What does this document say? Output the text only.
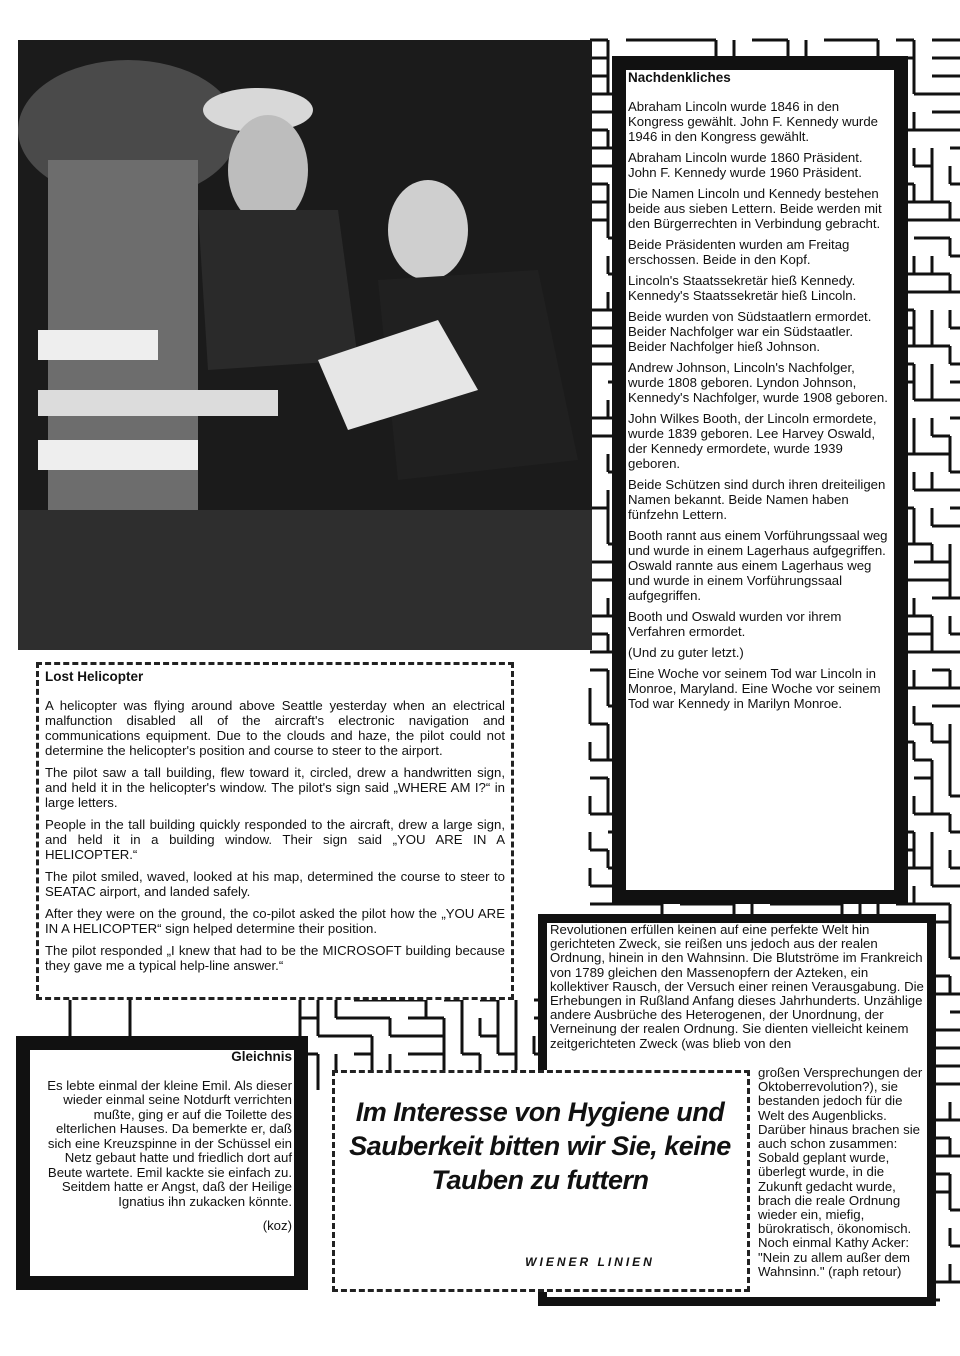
Lost Helicopter

A helicopter was flying around above Seattle yesterday when an electrical malfunction disabled all of the aircraft's electronic navigation and communications equipment. Due to the clouds and haze, the pilot could not determine the helicopter's position and course to steer to the airport.

The pilot saw a tall building, flew toward it, circled, drew a handwritten sign, and held it in the helicopter's window. The pilot's sign said „WHERE AM I?“ in large letters.

People in the tall building quickly responded to the aircraft, drew a large sign, and held it in a building window. Their sign said „YOU ARE IN A HELICOPTER.“

The pilot smiled, waved, looked at his map, determined the course to steer to SEATAC airport, and landed safely.

After they were on the ground, the co-pilot asked the pilot how the „YOU ARE IN A HELICOPTER“ sign helped determine their position.

The pilot responded „I knew that had to be the MICROSOFT building because they gave me a typical help-line answer.“

Nachdenkliches

Abraham Lincoln wurde 1846 in den Kongress gewählt. John F. Kennedy wurde 1946 in den Kongress gewählt.

Abraham Lincoln wurde 1860 Präsident. John F. Kennedy wurde 1960 Präsident.

Die Namen Lincoln und Kennedy bestehen beide aus sieben Lettern. Beide werden mit den Bürgerrechten in Verbindung gebracht.

Beide Präsidenten wurden am Freitag erschossen. Beide in den Kopf.

Lincoln's Staatssekretär hieß Kennedy. Kennedy's Staatssekretär hieß Lincoln.

Beide wurden von Südstaatlern ermordet. Beider Nachfolger war ein Südstaatler. Beider Nachfolger hieß Johnson.

Andrew Johnson, Lincoln's Nachfolger, wurde 1808 geboren. Lyndon Johnson, Kennedy's Nachfolger, wurde 1908 geboren.

John Wilkes Booth, der Lincoln ermordete, wurde 1839 geboren. Lee Harvey Oswald, der Kennedy ermordete, wurde 1939 geboren.

Beide Schützen sind durch ihren dreiteiligen Namen bekannt. Beide Namen haben fünfzehn Lettern.

Booth rannt aus einem Vorführungssaal weg und wurde in einem Lagerhaus aufgegriffen. Oswald rannte aus einem Lagerhaus weg und wurde in einem Vorführungssaal aufgegriffen.

Booth und Oswald wurden vor ihrem Verfahren ermordet.

(Und zu guter letzt.)

Eine Woche vor seinem Tod war Lincoln in Monroe, Maryland. Eine Woche vor seinem Tod war Kennedy in Marilyn Monroe.

Revolutionen erfüllen keinen auf eine perfekte Welt hin gerichteten Zweck, sie reißen uns jedoch aus der realen Ordnung, hinein in den Wahnsinn. Die Blutströme im Frankreich von 1789 gleichen den Massenopfern der Azteken, ein kollektiver Rausch, der Versuch einer reinen Verausgabung. Die Erhebungen in Rußland Anfang dieses Jahrhunderts. Unzählige andere Ausbrüche des Heterogenen, der Unordnung, der Verneinung der realen Ordnung. Sie dienten vielleicht keinem zeitgerichteten Zweck (was blieb von den
großen Versprechungen der Oktoberrevolution?), sie bestanden jedoch für die Welt des Augenblicks. Darüber hinaus brachen sie auch schon zusammen: Sobald geplant wurde, überlegt wurde, in die Zukunft gedacht wurde, brach die reale Ordnung wieder ein, miefig, bürokratisch, ökonomisch. Noch einmal Kathy Acker: "Nein zu allem außer dem Wahnsinn." (raph retour)
Gleichnis

Es lebte einmal der kleine Emil. Als dieser wieder einmal seine Notdurft verrichten mußte, ging er auf die Toilette des elterlichen Hauses. Da bemerkte er, daß sich eine Kreuzspinne in der Schüssel ein Netz gebaut hatte und friedlich dort auf Beute wartete. Emil kackte sie einfach zu. Seitdem hatte er Angst, daß der Heilige Ignatius ihn zukacken könnte.

(koz)

Im Interesse von Hygiene und Sauberkeit bitten wir Sie, keine Tauben zu futtern
WIENER LINIEN
